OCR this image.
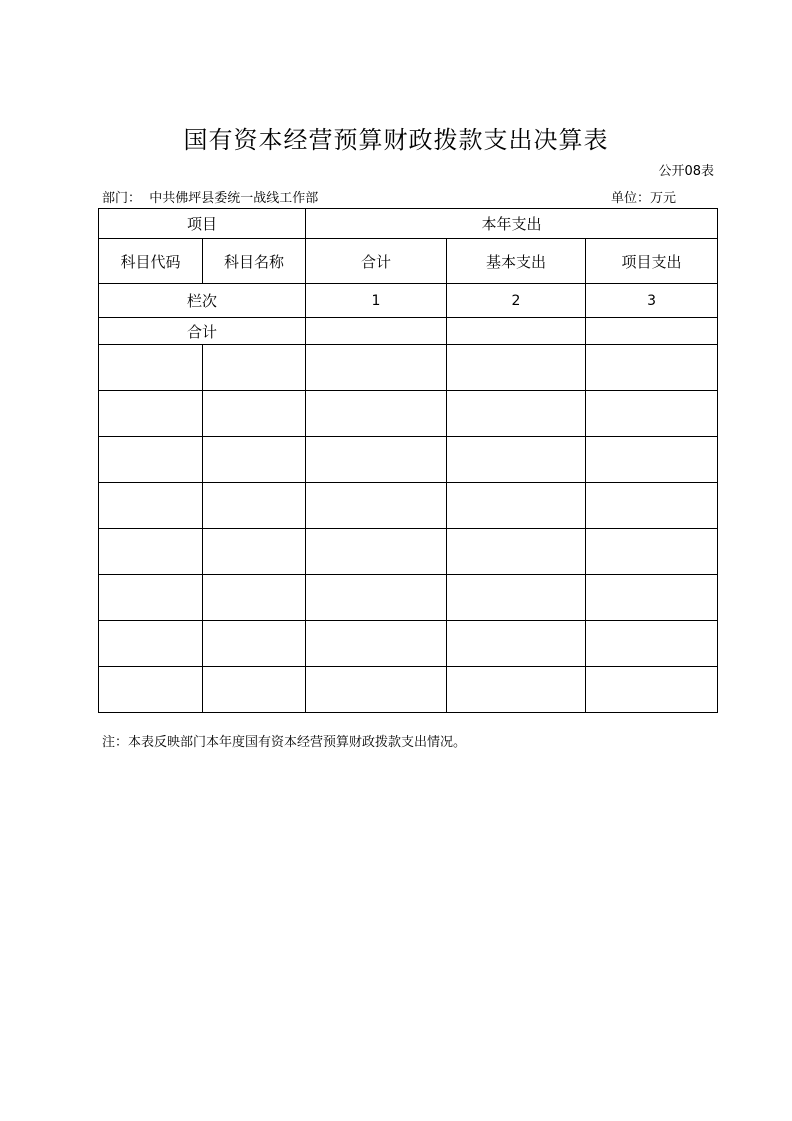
国有资本经营预算财政拨款支出决算表
公开08表
部门： 中共佛坪县委统一战线工作部	单位：万元
项目		本年支出		
科目代码	科目名称	合计	基本支出	项目支出
栏次		1	2	3
合计				

注：本表反映部门本年度国有资本经营预算财政拨款支出情况。
